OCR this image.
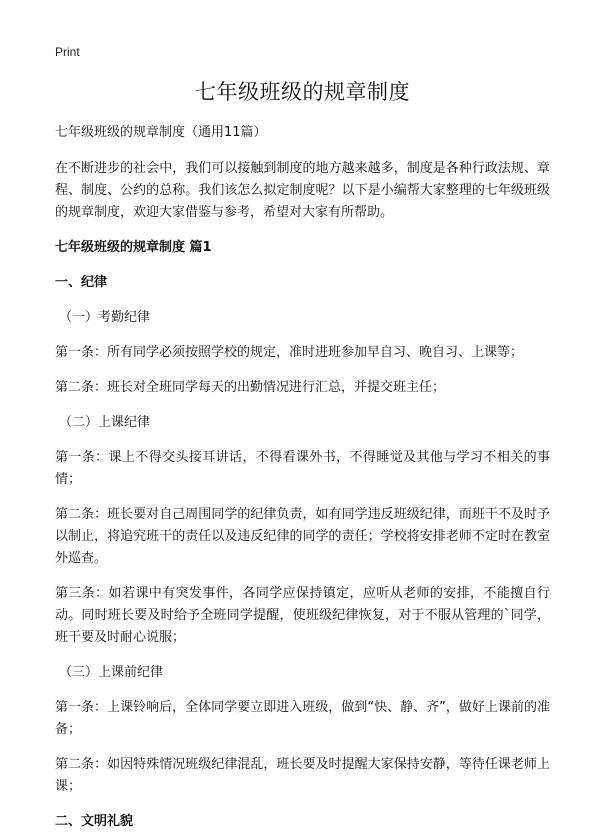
Print
七年级班级的规章制度

七年级班级的规章制度（通用11篇）

在不断进步的社会中，我们可以接触到制度的地方越来越多，制度是各种行政法规、章程、制度、公约的总称。我们该怎么拟定制度呢？以下是小编帮大家整理的七年级班级的规章制度，欢迎大家借鉴与参考，希望对大家有所帮助。

七年级班级的规章制度 篇1

一、纪律

（一）考勤纪律

第一条：所有同学必须按照学校的规定，准时进班参加早自习、晚自习、上课等；

第二条：班长对全班同学每天的出勤情况进行汇总，并提交班主任；

（二）上课纪律

第一条：课上不得交头接耳讲话，不得看课外书，不得睡觉及其他与学习不相关的事情；

第二条：班长要对自己周围同学的纪律负责，如有同学违反班级纪律，而班干不及时予以制止，将追究班干的责任以及违反纪律的同学的责任；学校将安排老师不定时在教室外巡查。

第三条：如若课中有突发事件，各同学应保持镇定，应听从老师的安排，不能擅自行动。同时班长要及时给予全班同学提醒，使班级纪律恢复，对于不服从管理的`同学，班干要及时耐心说服；

（三）上课前纪律

第一条：上课铃响后，全体同学要立即进入班级，做到“快、静、齐”，做好上课前的准备；

第二条：如因特殊情况班级纪律混乱，班长要及时提醒大家保持安静，等待任课老师上课；

二、文明礼貌
